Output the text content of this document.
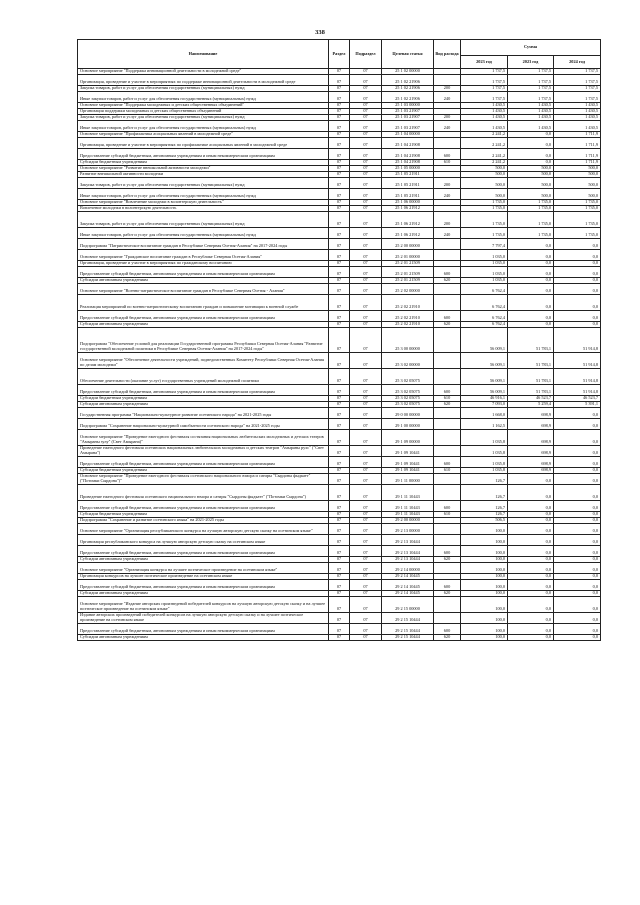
338
Наименование	Раздел	Подраздел	Целевая статья	Вид расхода	Сумма		
					2023 год	2023 год	2024 год
Основное мероприятие "Поддержка инновационной деятельности в молодежной среде"	07	07	25 1 02 00000		1 737,5	1 737,5	1 737,5
Организация, проведение и участие в мероприятиях по поддержке инновационной деятельности в молодежной среде	07	07	25 1 02 21906		1 737,5	1 737,5	1 737,5
Закупка товаров, работ и услуг для обеспечения государственных (муниципальных) нужд	07	07	25 1 02 21906	200	1 737,5	1 737,5	1 737,5
Иные закупки товаров, работ и услуг для обеспечения государственных (муниципальных) нужд	07	07	25 1 02 21906	240	1 737,5	1 737,5	1 737,5
Основное мероприятие "Поддержка молодежных и детских общественных объединений"	07	07	25 1 03 00000		1 430,5	1 430,5	1 430,5
Организация поддержки молодежных и детских общественных объединений	07	07	25 1 03 21907		1 430,5	1 430,5	1 430,5
Закупка товаров, работ и услуг для обеспечения государственных (муниципальных) нужд	07	07	25 1 03 21907	200	1 430,5	1 430,5	1 430,5
Иные закупки товаров, работ и услуг для обеспечения государственных (муниципальных) нужд	07	07	25 1 03 21907	240	1 430,5	1 430,5	1 430,5
Основное мероприятие "Профилактика асоциальных явлений в молодежной среде"	07	07	25 1 04 00000		2 241,2	0,0	1 711,9
Организация, проведение и участие в мероприятиях по профилактике асоциальных явлений в молодежной среде	07	07	25 1 04 21908		2 241,2	0,0	1 711,9
Предоставление субсидий бюджетным, автономным учреждениям и иным некоммерческим организациям	07	07	25 1 04 21908	600	2 241,2	0,0	1 711,9
Субсидии бюджетным учреждениям	07	07	25 1 04 21908	610	2 241,2	0,0	1 711,9
Основное мероприятие "Развитие внешкольной активности молодежи"	07	07	25 1 05 00000		500,0	500,0	500,0
Развитие внешкольной активности молодежи	07	07	25 1 05 21911		500,0	500,0	500,0
Закупка товаров, работ и услуг для обеспечения государственных (муниципальных) нужд	07	07	25 1 05 21911	200	500,0	500,0	500,0
Иные закупки товаров, работ и услуг для обеспечения государственных (муниципальных) нужд	07	07	25 1 05 21911	240	500,0	500,0	500,0
Основное мероприятие "Вовлечение молодежи в волонтерскую деятельность"	07	07	25 1 06 00000		1 735,0	1 735,0	1 735,0
Вовлечение молодежи в волонтерскую деятельность	07	07	25 1 06 21912		1 735,0	1 735,0	1 735,0
Закупка товаров, работ и услуг для обеспечения государственных (муниципальных) нужд	07	07	25 1 06 21912	200	1 735,0	1 735,0	1 735,0
Иные закупки товаров, работ и услуг для обеспечения государственных (муниципальных) нужд	07	07	25 1 06 21912	240	1 735,0	1 735,0	1 735,0
Подпрограмма "Патриотическое воспитание граждан в Республике Северная Осетия-Алания" на 2017-2024 годы	07	07	25 2 00 00000		7 797,4	0,0	0,0
Основное мероприятие "Гражданское воспитание граждан в Республике Северная Осетия-Алания"	07	07	25 2 01 00000		1 035,0	0,0	0,0
Организация, проведение и участие в мероприятиях по гражданскому воспитанию	07	07	25 2 01 21509		1 035,0	0,0	0,0
Предоставление субсидий бюджетным, автономным учреждениям и иным некоммерческим организациям	07	07	25 2 01 21509	600	1 035,0	0,0	0,0
Субсидии автономным учреждениям	07	07	25 2 01 21509	620	1 035,0	0,0	0,0
Основное мероприятие "Военно-патриотическое воспитание граждан в Республике Северная Осетия - Алания"	07	07	25 2 02 00000		6 762,4	0,0	0,0
Реализация мероприятий по военно-патриотическому воспитанию граждан и повышение мотивации к военной службе	07	07	25 2 02 21910		6 762,4	0,0	0,0
Предоставление субсидий бюджетным, автономным учреждениям и иным некоммерческим организациям	07	07	25 2 02 21910	600	6 762,4	0,0	0,0
Субсидии автономным учреждениям	07	07	25 2 02 21910	620	6 762,4	0,0	0,0
Подпрограмма "Обеспечение условий для реализации Государственной программы Республики Северная Осетия-Алания "Развитие государственной молодежной политики в Республике Северная Осетия-Алания" на 2017-2024 годы"	07	07	25 3 00 00000		56 009,1	51 783,1	51 914,8
Основное мероприятие "Обеспечение деятельности учреждений, подведомственных Комитету Республики Северная Осетия-Алания по делам молодежи"	07	07	25 3 02 00000		56 009,1	51 783,1	51 914,8
Обеспечение деятельности (оказание услуг) государственных учреждений молодежной политики	07	07	25 3 02 05075		56 009,1	51 783,1	51 914,8
Предоставление субсидий бюджетным, автономным учреждениям и иным некоммерческим организациям	07	07	25 3 02 05075	600	56 009,1	51 783,1	51 914,8
Субсидии бюджетным учреждениям	07	07	25 3 02 05075	610	46 916,1	46 523,7	46 523,7
Субсидии автономным учреждениям	07	07	25 3 02 05075	620	7 093,0	5 259,4	5 391,1
Государственная программа "Национально-культурное развитие осетинского народа" на 2021-2025 годы	07	07	29 0 00 00000		1 668,0	698,9	0,0
Подпрограмма "Сохранение национально-культурной самобытности осетинского народа" на 2021-2025 годы	07	07	29 1 00 00000		1 162,5	698,9	0,0
Основное мероприятие "Проведение ежегодного фестиваля состязания национальных любительских молодежных и детских театров "Амыраны зулу" (Свет Амырана)"	07	07	29 1 09 00000		1 035,8	698,9	0,0
Проведение ежегодного фестиваля осетинских национальных любительских молодежных и детских театров "Амыраны рухс" ("Свет Амырана")	07	07	29 1 09 10441		1 035,8	698,9	0,0
Предоставление субсидий бюджетным, автономным учреждениям и иным некоммерческим организациям	07	07	29 1 09 10441	600	1 035,8	698,9	0,0
Субсидии бюджетным учреждениям	07	07	29 1 09 10441	610	1 035,8	698,9	0,0
Основное мероприятие "Проведение ежегодного фестиваля осетинского национального юмора и сатиры "Сырдоны фыдкатт" ("Потомки Сырдона")"	07	07	29 1 11 00000		126,7	0,0	0,0
Проведение ежегодного фестиваля осетинского национального юмора и сатиры "Сырдоны фыдкатт" ("Потомки Сырдона")	07	07	29 1 11 10443		126,7	0,0	0,0
Предоставление субсидий бюджетным, автономным учреждениям и иным некоммерческим организациям	07	07	29 1 11 10443	600	126,7	0,0	0,0
Субсидии бюджетным учреждениям	07	07	29 1 11 10443	610	126,7	0,0	0,0
Подпрограмма "Сохранение и развитие осетинского языка" на 2021-2025 годы	07	07	29 2 00 00000		506,5	0,0	0,0
Основное мероприятие "Организация республиканского конкурса на лучшую авторскую детскую сказку на осетинском языке"	07	07	29 2 13 00000		100,0	0,0	0,0
Организация республиканского конкурса на лучшую авторскую детскую сказку на осетинском языке	07	07	29 2 13 10444		100,0	0,0	0,0
Предоставление субсидий бюджетным, автономным учреждениям и иным некоммерческим организациям	07	07	29 2 13 10444	600	100,0	0,0	0,0
Субсидии автономным учреждениям	07	07	29 2 13 10444	620	100,0	0,0	0,0
Основное мероприятие "Организация конкурса на лучшее поэтическое произведение на осетинском языке"	07	07	29 2 14 00000		100,0	0,0	0,0
Организация конкурсов на лучшее поэтическое произведение на осетинском языке	07	07	29 2 14 10445		100,0	0,0	0,0
Предоставление субсидий бюджетным, автономным учреждениям и иным некоммерческим организациям	07	07	29 2 14 10445	600	100,0	0,0	0,0
Субсидии автономным учреждениям	07	07	29 2 14 10445	620	100,0	0,0	0,0
Основное мероприятие "Издание авторских произведений победителей конкурсов на лучшую авторскую детскую сказку и на лучшее поэтическое произведение на осетинском языке"	07	07	29 2 15 00000		100,0	0,0	0,0
Издание авторских произведений победителей конкурсов на лучшую авторскую детскую сказку и на лучшее поэтическое произведение на осетинском языке	07	07	29 2 15 10444		100,0	0,0	0,0
Предоставление субсидий бюджетным, автономным учреждениям и иным некоммерческим организациям	07	07	29 2 15 10444	600	100,0	0,0	0,0
Субсидии автономным учреждениям	07	07	29 2 15 10444	620	100,0	0,0	0,0
